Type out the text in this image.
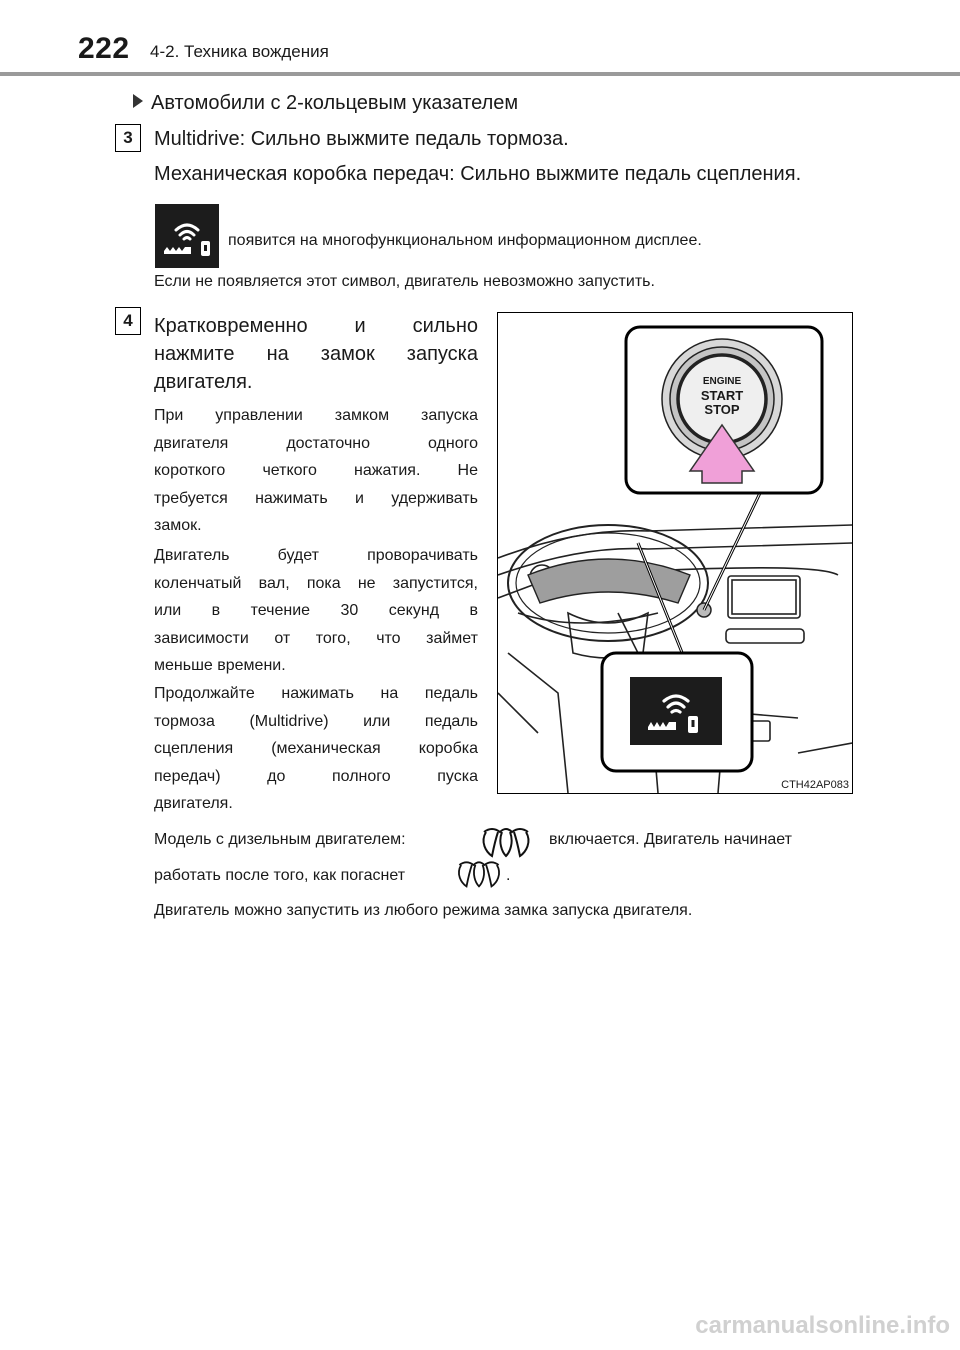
222 4-2. Техника вождения
Автомобили с 2-кольцевым указателем
3	Multidrive: Сильно выжмите педаль тормоза.
Механическая коробка передач: Сильно выжмите педаль сцепления.
появится на многофункциональном информационном дисплее.
Если не появляется этот символ, двигатель невозможно запустить.
4	Кратковременно и сильно
нажмите на замок запуска
двигателя.
При управлении замком запуска
двигателя достаточно одного
короткого четкого нажатия. Не
требуется нажимать и удерживать
замок.
Двигатель будет проворачивать
коленчатый вал, пока не запустится,
или в течение 30 секунд в
зависимости от того, что займет
меньше времени.
Продолжайте нажимать на педаль
тормоза (Multidrive) или педаль
сцепления (механическая коробка
передач) до полного пуска
двигателя.
ENGINE
START
STOP
CTH42AP083
Модель с дизельным двигателем:	включается. Двигатель начинает
работать после того, как погаснет	.
Двигатель можно запустить из любого режима замка запуска двигателя.
carmanualsonline.info
